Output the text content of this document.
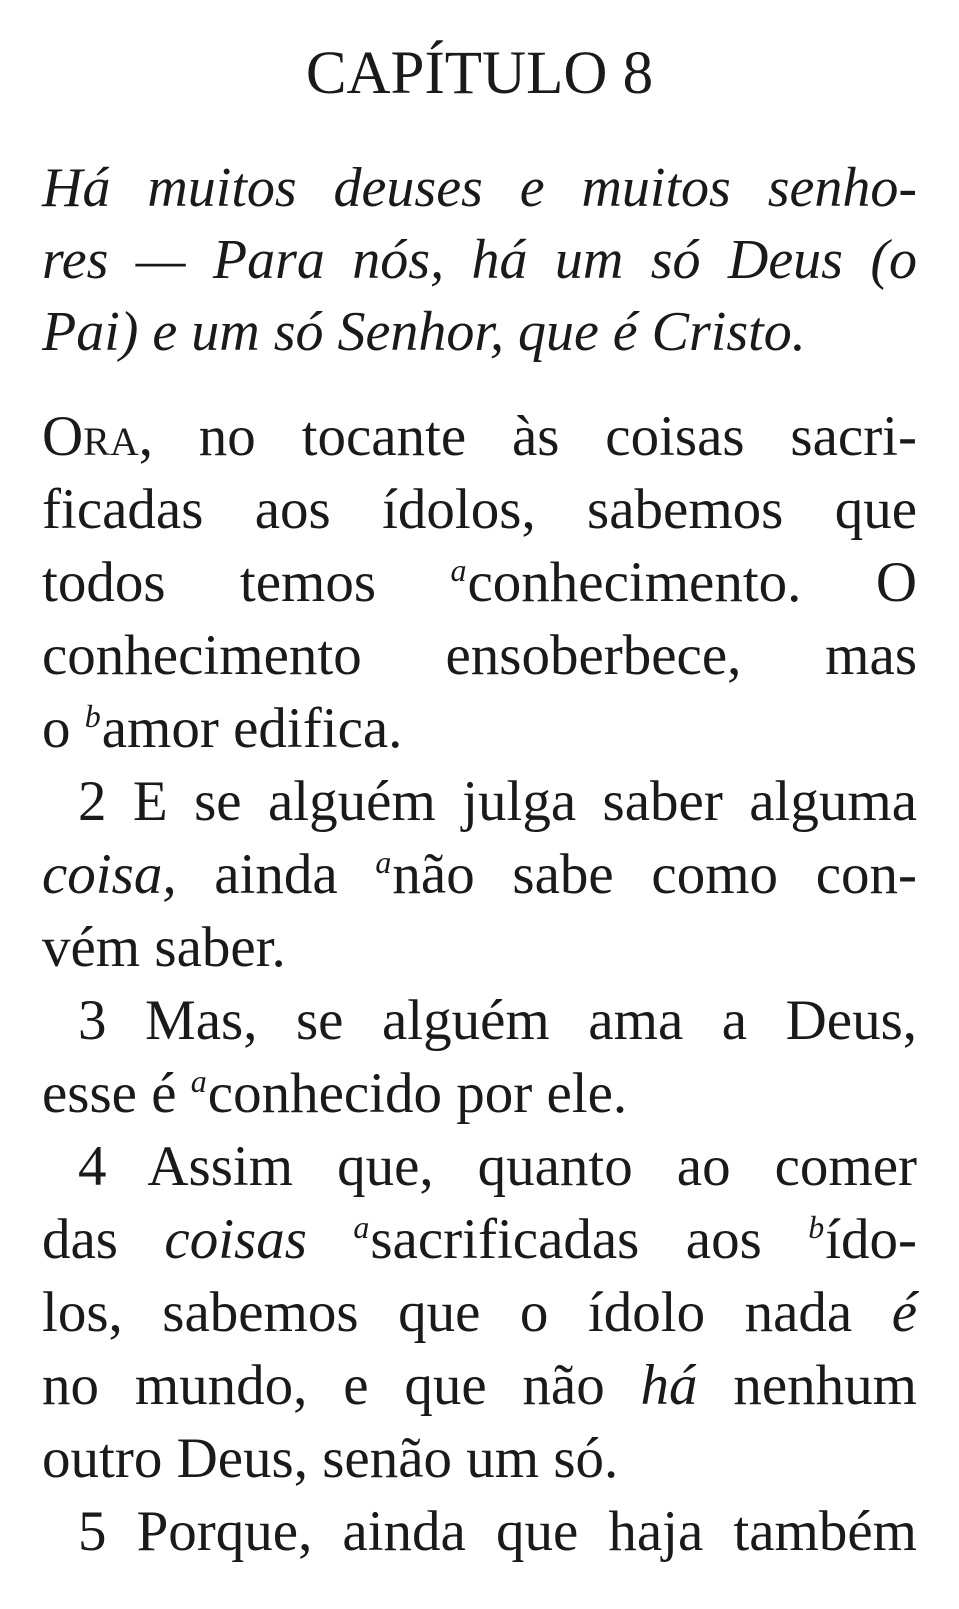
CAPÍTULO 8
Há muitos deuses e muitos senho-
res — Para nós, há um só Deus (o
Pai) e um só Senhor, que é Cristo.
Ora, no tocante às coisas sacri-
ficadas aos ídolos, sabemos que
todos temos $^a$conhecimento. O
conhecimento ensoberbece, mas
o $^b$amor edifica.
2 E se alguém julga saber alguma
coisa, ainda $^a$não sabe como con-
vém saber.
3 Mas, se alguém ama a Deus,
esse é $^a$conhecido por ele.
4 Assim que, quanto ao comer
das coisas $^a$sacrificadas aos $^b$ído-
los, sabemos que o ídolo nada é
no mundo, e que não há nenhum
outro Deus, senão um só.
5 Porque, ainda que haja também
